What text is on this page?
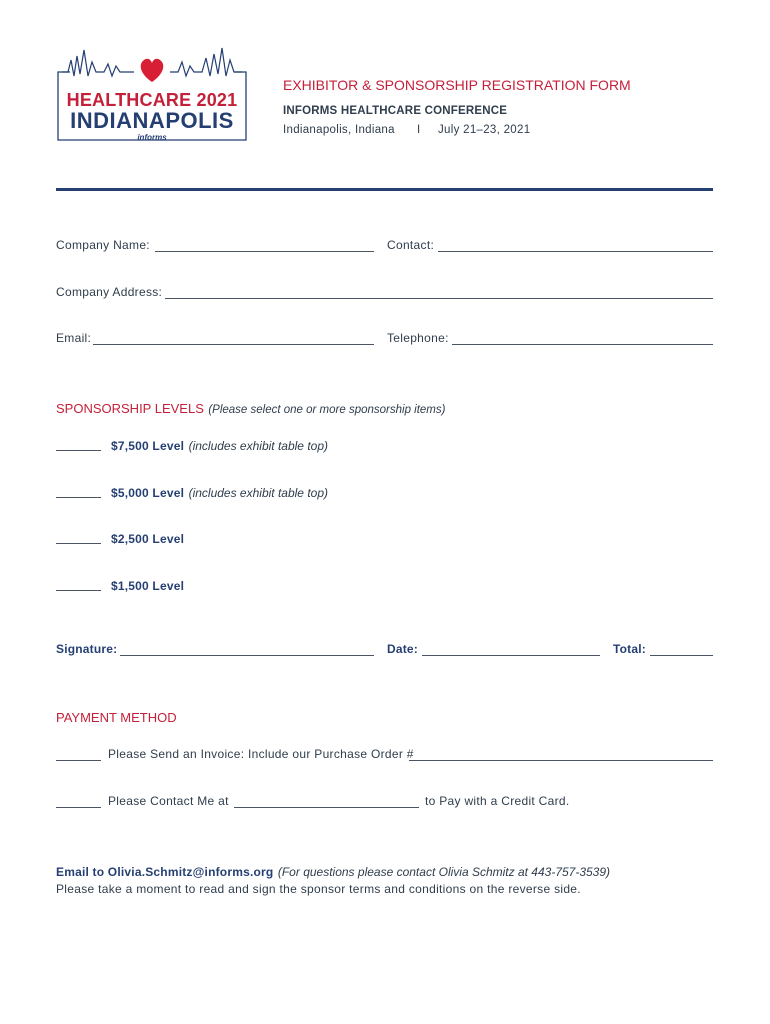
HEALTHCARE 2021
INDIANAPOLIS
informs
EXHIBITOR & SPONSORSHIP REGISTRATION FORM
INFORMS HEALTHCARE CONFERENCE
Indianapolis, Indiana I July 21–23, 2021
Company Name:	Contact:
Company Address:
Email:	Telephone:
SPONSORSHIP LEVELS (Please select one or more sponsorship items)
$7,500 Level (includes exhibit table top)
$5,000 Level (includes exhibit table top)
$2,500 Level
$1,500 Level
Signature:	Date:	Total:
PAYMENT METHOD
Please Send an Invoice: Include our Purchase Order #
Please Contact Me at	to Pay with a Credit Card.
Email to Olivia.Schmitz@informs.org (For questions please contact Olivia Schmitz at 443-757-3539)
Please take a moment to read and sign the sponsor terms and conditions on the reverse side.
